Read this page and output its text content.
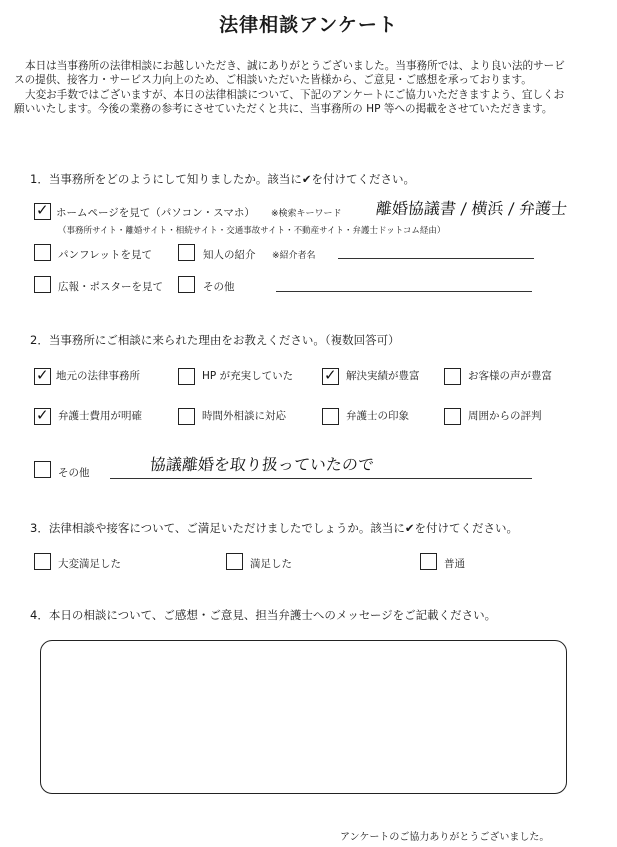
法律相談アンケート

本日は当事務所の法律相談にお越しいただき、誠にありがとうございました。当事務所では、より良い法的サービスの提供、接客力・サービス力向上のため、ご相談いただいた皆様から、ご意見・ご感想を承っております。

大変お手数ではございますが、本日の法律相談について、下記のアンケートにご協力いただきますよう、宜しくお願いいたします。今後の業務の参考にさせていただくと共に、当事務所の HP 等への掲載をさせていただきます。

1．当事務所をどのようにして知りましたか。該当に✔を付けてください。
✓ ホームページを見て（パソコン・スマホ） ※検索キーワード 離婚協議書 / 横浜 / 弁護士
（事務所サイト・離婚サイト・相続サイト・交通事故サイト・不動産サイト・弁護士ドットコム経由）
パンフレットを見て	知人の紹介 ※紹介者名
広報・ポスターを見て	その他
2．当事務所にご相談に来られた理由をお教えください。（複数回答可）
✓ 地元の法律事務所	HP が充実していた ✓ 解決実績が豊富	お客様の声が豊富
✓ 弁護士費用が明確	時間外相談に対応	弁護士の印象	周囲からの評判
その他	協議離婚を取り扱っていたので
3．法律相談や接客について、ご満足いただけましたでしょうか。該当に✔を付けてください。
大変満足した	満足した	普通
4．本日の相談について、ご感想・ご意見、担当弁護士へのメッセージをご記載ください。
アンケートのご協力ありがとうございました。
